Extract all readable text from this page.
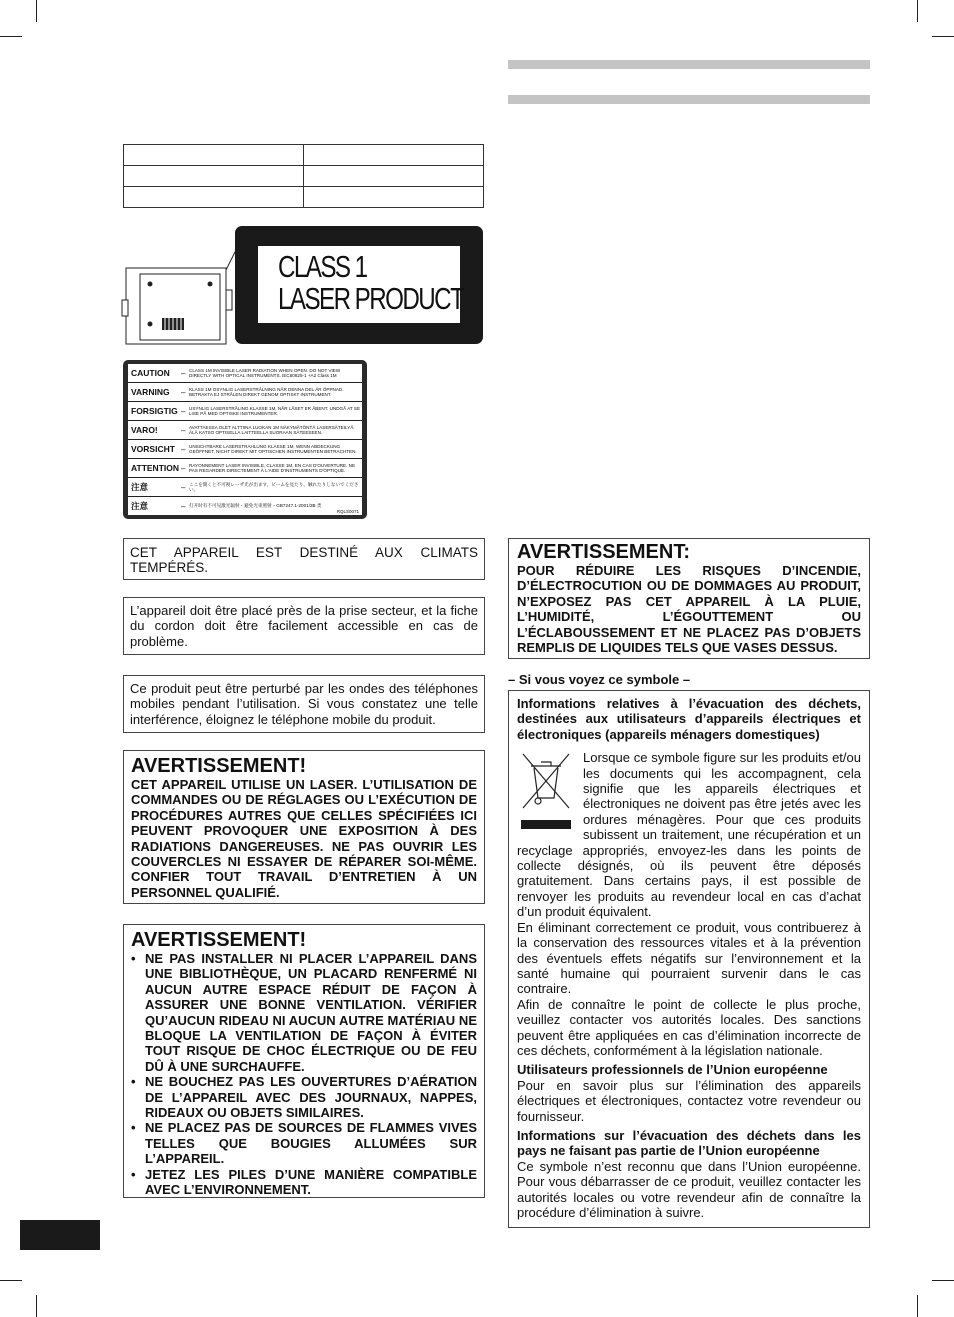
CLASS 1
LASER PRODUCT
CAUTION	– CLASS 1M INVISIBLE LASER RADIATION WHEN OPEN. DO NOT VIEW DIRECTLY WITH OPTICAL INSTRUMENTS. IEC60825-1 +A2 Class 1M
VARNING	– KLASS 1M OSYNLIG LASERSTRÅLNING NÄR DENNA DEL ÄR ÖPPNAD. BETRAKTA EJ STRÅLEN DIREKT GENOM OPTISKT INSTRUMENT.
FORSIGTIG – USYNLIG LASERSTRÅLING KLASSE 1M, NÅR LÅSET ER ÅBENT. UNDGÅ AT SE LISE PÅ MED OPTISKE INSTRUMENTER.
VARO!	– AVATTAESSA OLET ALTTIINA LUOKAN 1M NÄKYMÄTÖNTÄ LASERSÄTEILYÄ. ÄLÄ KATSO OPTISELLA LAITTEELLA SUORAAN SÄTEESEEN.
VORSICHT – UNSICHTBARE LASERSTRAHLUNG KLASSE 1M, WENN ABDECKUNG GEÖFFNET, NICHT DIREKT MIT OPTISCHEN INSTRUMENTEN BETRACHTEN.
ATTENTION – RAYONNEMENT LASER INVISIBLE, CLASSE 1M, EN CAS D'OUVERTURE. NE PAS REGARDER DIRECTEMENT À L'AIDE D'INSTRUMENTS D'OPTIQUE.
注意	– ここを開くと不可視レーザ光が出ます。ビームを見たり、触れたりしないでください。
注意	– 打开时有不可见激光辐射・避免光束照射・GB7247.1-2001/3B 类
RQLS0071

CET APPAREIL EST DESTINÉ AUX CLIMATS TEMPÉRÉS.

L’appareil doit être placé près de la prise secteur, et la fiche du cordon doit être facilement accessible en cas de problème.

Ce produit peut être perturbé par les ondes des téléphones mobiles pendant l’utilisation. Si vous constatez une telle interférence, éloignez le téléphone mobile du produit.

AVERTISSEMENT!

CET APPAREIL UTILISE UN LASER. L’UTILISATION DE COMMANDES OU DE RÉGLAGES OU L’EXÉCUTION DE PROCÉDURES AUTRES QUE CELLES SPÉCIFIÉES ICI PEUVENT PROVOQUER UNE EXPOSITION À DES RADIATIONS DANGEREUSES. NE PAS OUVRIR LES COUVERCLES NI ESSAYER DE RÉPARER SOI-MÊME. CONFIER TOUT TRAVAIL D’ENTRETIEN À UN PERSONNEL QUALIFIÉ.

AVERTISSEMENT!

• NE PAS INSTALLER NI PLACER L’APPAREIL DANS UNE BIBLIOTHÈQUE, UN PLACARD RENFERMÉ NI AUCUN AUTRE ESPACE RÉDUIT DE FAÇON À ASSURER UNE BONNE VENTILATION. VÉRIFIER QU’AUCUN RIDEAU NI AUCUN AUTRE MATÉRIAU NE BLOQUE LA VENTILATION DE FAÇON À ÉVITER TOUT RISQUE DE CHOC ÉLECTRIQUE OU DE FEU DÛ À UNE SURCHAUFFE.
• NE BOUCHEZ PAS LES OUVERTURES D’AÉRATION DE L’APPAREIL AVEC DES JOURNAUX, NAPPES, RIDEAUX OU OBJETS SIMILAIRES.
• NE PLACEZ PAS DE SOURCES DE FLAMMES VIVES TELLES QUE BOUGIES ALLUMÉES SUR L’APPAREIL.
• JETEZ LES PILES D’UNE MANIÈRE COMPATIBLE AVEC L’ENVIRONNEMENT.

AVERTISSEMENT:

POUR RÉDUIRE LES RISQUES D’INCENDIE, D’ÉLECTROCUTION OU DE DOMMAGES AU PRODUIT, N’EXPOSEZ PAS CET APPAREIL À LA PLUIE, L’HUMIDITÉ, L’ÉGOUTTEMENT OU L’ÉCLABOUSSEMENT ET NE PLACEZ PAS D’OBJETS REMPLIS DE LIQUIDES TELS QUE VASES DESSUS.

– Si vous voyez ce symbole –

Informations relatives à l’évacuation des déchets, destinées aux utilisateurs d’appareils électriques et électroniques (appareils ménagers domestiques)

Lorsque ce symbole figure sur les produits et/ou les documents qui les accompagnent, cela signifie que les appareils électriques et électroniques ne doivent pas être jetés avec les ordures ménagères. Pour que ces produits subissent un traitement, une récupération et un recyclage appropriés, envoyez-les dans les points de collecte désignés, où ils peuvent être déposés gratuitement. Dans certains pays, il est possible de renvoyer les produits au revendeur local en cas d’achat d’un produit équivalent.

En éliminant correctement ce produit, vous contribuerez à la conservation des ressources vitales et à la prévention des éventuels effets négatifs sur l’environnement et la santé humaine qui pourraient survenir dans le cas contraire.

Afin de connaître le point de collecte le plus proche, veuillez contacter vos autorités locales. Des sanctions peuvent être appliquées en cas d’élimination incorrecte de ces déchets, conformément à la législation nationale.

Utilisateurs professionnels de l’Union européenne

Pour en savoir plus sur l’élimination des appareils électriques et électroniques, contactez votre revendeur ou fournisseur.

Informations sur l’évacuation des déchets dans les pays ne faisant pas partie de l’Union européenne

Ce symbole n’est reconnu que dans l’Union européenne. Pour vous débarrasser de ce produit, veuillez contacter les autorités locales ou votre revendeur afin de connaître la procédure d’élimination à suivre.
